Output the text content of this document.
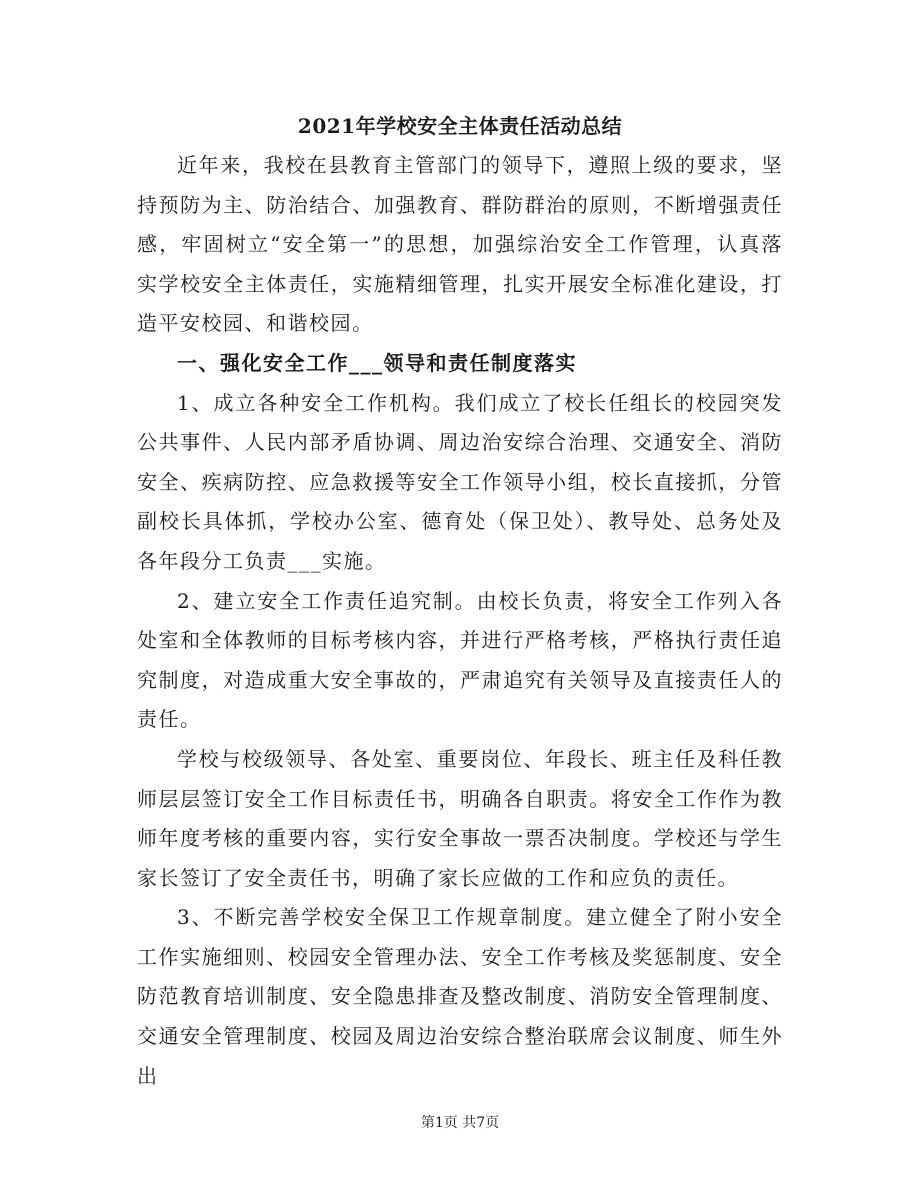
2021年学校安全主体责任活动总结

近年来，我校在县教育主管部门的领导下，遵照上级的要求，坚持预防为主、防治结合、加强教育、群防群治的原则，不断增强责任感，牢固树立“安全第一”的思想，加强综治安全工作管理，认真落实学校安全主体责任，实施精细管理，扎实开展安全标准化建设，打造平安校园、和谐校园。

一、强化安全工作___领导和责任制度落实

1、成立各种安全工作机构。我们成立了校长任组长的校园突发公共事件、人民内部矛盾协调、周边治安综合治理、交通安全、消防安全、疾病防控、应急救援等安全工作领导小组，校长直接抓，分管副校长具体抓，学校办公室、德育处（保卫处）、教导处、总务处及各年段分工负责___实施。

2、建立安全工作责任追究制。由校长负责，将安全工作列入各处室和全体教师的目标考核内容，并进行严格考核，严格执行责任追究制度，对造成重大安全事故的，严肃追究有关领导及直接责任人的责任。

学校与校级领导、各处室、重要岗位、年段长、班主任及科任教师层层签订安全工作目标责任书，明确各自职责。将安全工作作为教师年度考核的重要内容，实行安全事故一票否决制度。学校还与学生家长签订了安全责任书，明确了家长应做的工作和应负的责任。

3、不断完善学校安全保卫工作规章制度。建立健全了附小安全工作实施细则、校园安全管理办法、安全工作考核及奖惩制度、安全防范教育培训制度、安全隐患排查及整改制度、消防安全管理制度、交通安全管理制度、校园及周边治安综合整治联席会议制度、师生外出

第1页 共7页
